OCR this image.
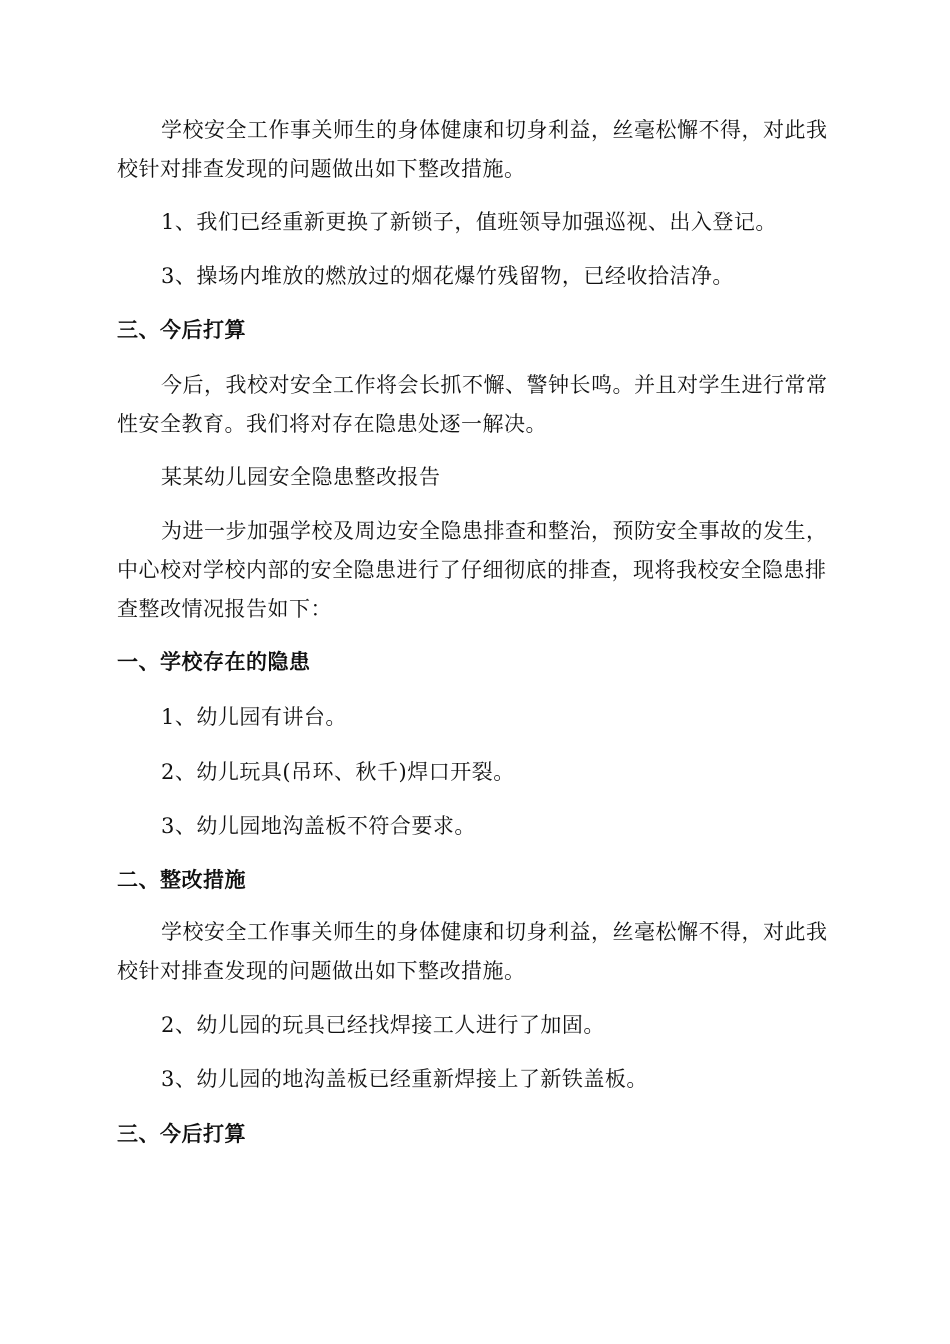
学校安全工作事关师生的身体健康和切身利益，丝毫松懈不得，对此我校针对排查发现的问题做出如下整改措施。

1、我们已经重新更换了新锁子，值班领导加强巡视、出入登记。

3、操场内堆放的燃放过的烟花爆竹残留物，已经收拾洁净。

三、今后打算

今后，我校对安全工作将会长抓不懈、警钟长鸣。并且对学生进行常常性安全教育。我们将对存在隐患处逐一解决。

某某幼儿园安全隐患整改报告

为进一步加强学校及周边安全隐患排查和整治，预防安全事故的发生，中心校对学校内部的安全隐患进行了仔细彻底的排查，现将我校安全隐患排查整改情况报告如下：

一、学校存在的隐患

1、幼儿园有讲台。

2、幼儿玩具(吊环、秋千)焊口开裂。

3、幼儿园地沟盖板不符合要求。

二、整改措施

学校安全工作事关师生的身体健康和切身利益，丝毫松懈不得，对此我校针对排查发现的问题做出如下整改措施。

2、幼儿园的玩具已经找焊接工人进行了加固。

3、幼儿园的地沟盖板已经重新焊接上了新铁盖板。

三、今后打算
